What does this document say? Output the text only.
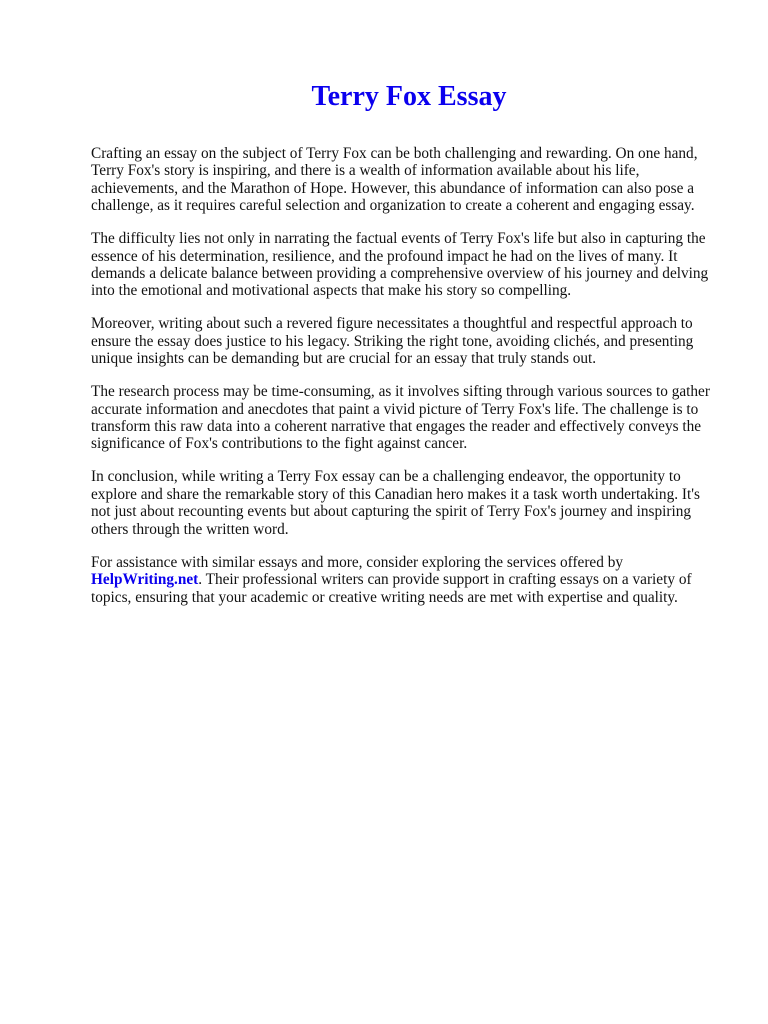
Terry Fox Essay

Crafting an essay on the subject of Terry Fox can be both challenging and rewarding. On one hand, Terry Fox's story is inspiring, and there is a wealth of information available about his life, achievements, and the Marathon of Hope. However, this abundance of information can also pose a challenge, as it requires careful selection and organization to create a coherent and engaging essay.

The difficulty lies not only in narrating the factual events of Terry Fox's life but also in capturing the essence of his determination, resilience, and the profound impact he had on the lives of many. It demands a delicate balance between providing a comprehensive overview of his journey and delving into the emotional and motivational aspects that make his story so compelling.

Moreover, writing about such a revered figure necessitates a thoughtful and respectful approach to ensure the essay does justice to his legacy. Striking the right tone, avoiding clichés, and presenting unique insights can be demanding but are crucial for an essay that truly stands out.

The research process may be time-consuming, as it involves sifting through various sources to gather accurate information and anecdotes that paint a vivid picture of Terry Fox's life. The challenge is to transform this raw data into a coherent narrative that engages the reader and effectively conveys the significance of Fox's contributions to the fight against cancer.

In conclusion, while writing a Terry Fox essay can be a challenging endeavor, the opportunity to explore and share the remarkable story of this Canadian hero makes it a task worth undertaking. It's not just about recounting events but about capturing the spirit of Terry Fox's journey and inspiring others through the written word.

For assistance with similar essays and more, consider exploring the services offered by HelpWriting.net. Their professional writers can provide support in crafting essays on a variety of topics, ensuring that your academic or creative writing needs are met with expertise and quality.
